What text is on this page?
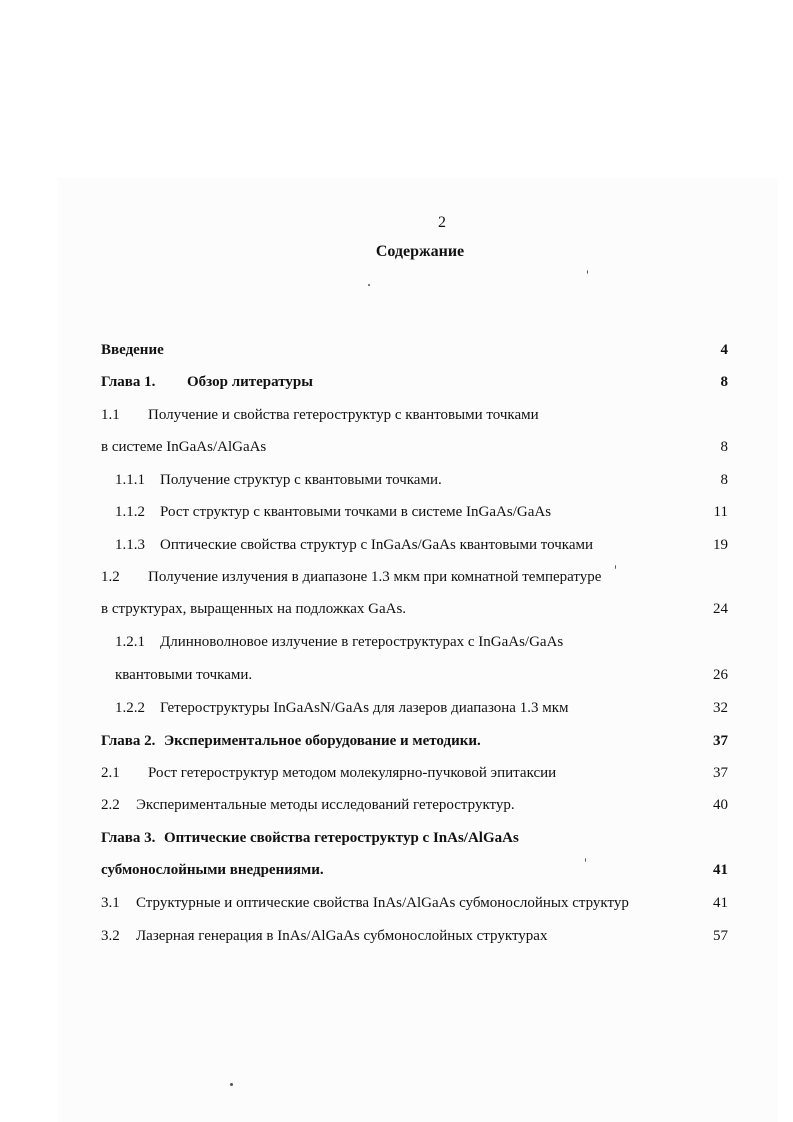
2
Содержание
Введение	4
Глава 1. Обзор литературы	8
1.1 Получение и свойства гетероструктур с квантовыми точками
в системе InGaAs/AlGaAs	8
1.1.1 Получение структур с квантовыми точками.	8
1.1.2 Рост структур с квантовыми точками в системе InGaAs/GaAs	11
1.1.3 Оптические свойства структур с InGaAs/GaAs квантовыми точками	19
1.2 Получение излучения в диапазоне 1.3 мкм при комнатной температуре
в структурах, выращенных на подложках GaAs.	24
1.2.1 Длинноволновое излучение в гетероструктурах с InGaAs/GaAs
квантовыми точками.	26
1.2.2 Гетероструктуры InGaAsN/GaAs для лазеров диапазона 1.3 мкм	32
Глава 2. Экспериментальное оборудование и методики.	37
2.1 Рост гетероструктур методом молекулярно-пучковой эпитаксии	37
2.2 Экспериментальные методы исследований гетероструктур.	40
Глава 3. Оптические свойства гетероструктур с InAs/AlGaAs
субмонослойными внедрениями.	41
3.1 Структурные и оптические свойства InAs/AlGaAs субмонослойных структур	41
3.2 Лазерная генерация в InAs/AlGaAs субмонослойных структурах	57
